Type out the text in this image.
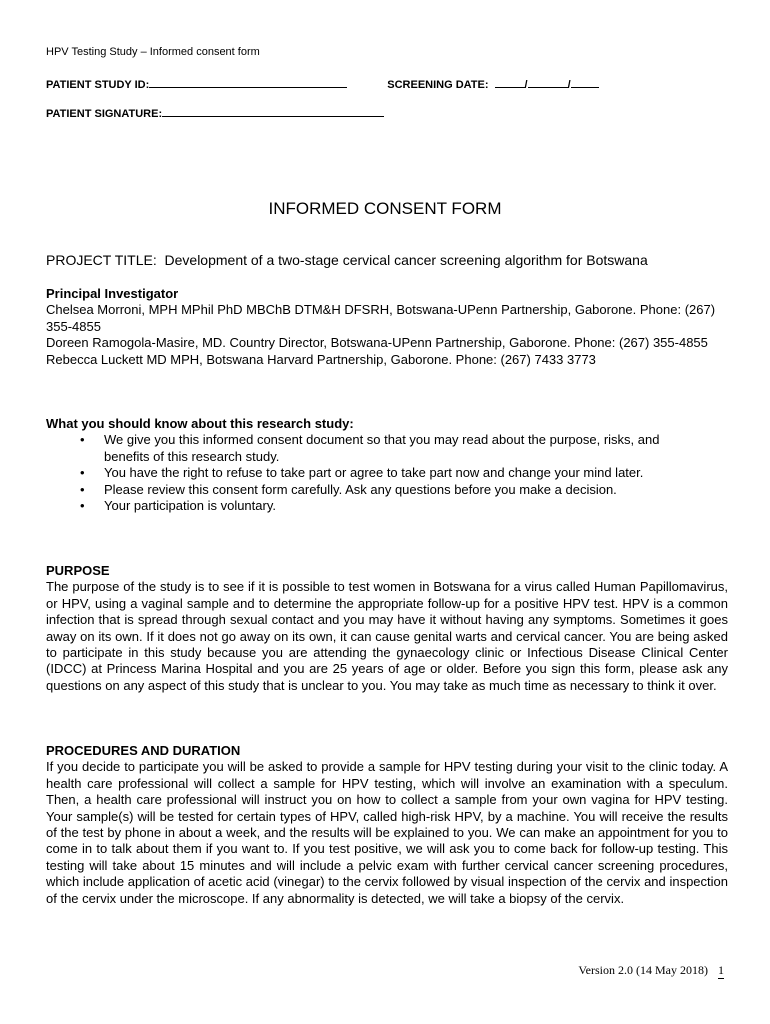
HPV Testing Study – Informed consent form
PATIENT STUDY ID:	SCREENING DATE:	/	/
PATIENT SIGNATURE:
INFORMED CONSENT FORM
PROJECT TITLE: Development of a two-stage cervical cancer screening algorithm for Botswana
Principal Investigator
Chelsea Morroni, MPH MPhil PhD MBChB DTM&H DFSRH, Botswana-UPenn Partnership, Gaborone. Phone: (267) 355-4855
Doreen Ramogola-Masire, MD. Country Director, Botswana-UPenn Partnership, Gaborone. Phone: (267) 355-4855
Rebecca Luckett MD MPH, Botswana Harvard Partnership, Gaborone. Phone: (267) 7433 3773
What you should know about this research study:
• We give you this informed consent document so that you may read about the purpose, risks, and benefits of this research study.
• You have the right to refuse to take part or agree to take part now and change your mind later.
• Please review this consent form carefully. Ask any questions before you make a decision.
• Your participation is voluntary.
PURPOSE
The purpose of the study is to see if it is possible to test women in Botswana for a virus called Human Papillomavirus, or HPV, using a vaginal sample and to determine the appropriate follow-up for a positive HPV test. HPV is a common infection that is spread through sexual contact and you may have it without having any symptoms. Sometimes it goes away on its own. If it does not go away on its own, it can cause genital warts and cervical cancer. You are being asked to participate in this study because you are attending the gynaecology clinic or Infectious Disease Clinical Center (IDCC) at Princess Marina Hospital and you are 25 years of age or older. Before you sign this form, please ask any questions on any aspect of this study that is unclear to you. You may take as much time as necessary to think it over.
PROCEDURES AND DURATION
If you decide to participate you will be asked to provide a sample for HPV testing during your visit to the clinic today. A health care professional will collect a sample for HPV testing, which will involve an examination with a speculum. Then, a health care professional will instruct you on how to collect a sample from your own vagina for HPV testing. Your sample(s) will be tested for certain types of HPV, called high-risk HPV, by a machine. You will receive the results of the test by phone in about a week, and the results will be explained to you. We can make an appointment for you to come in to talk about them if you want to. If you test positive, we will ask you to come back for follow-up testing. This testing will take about 15 minutes and will include a pelvic exam with further cervical cancer screening procedures, which include application of acetic acid (vinegar) to the cervix followed by visual inspection of the cervix and inspection of the cervix under the microscope. If any abnormality is detected, we will take a biopsy of the cervix.
Version 2.0 (14 May 2018) 1
